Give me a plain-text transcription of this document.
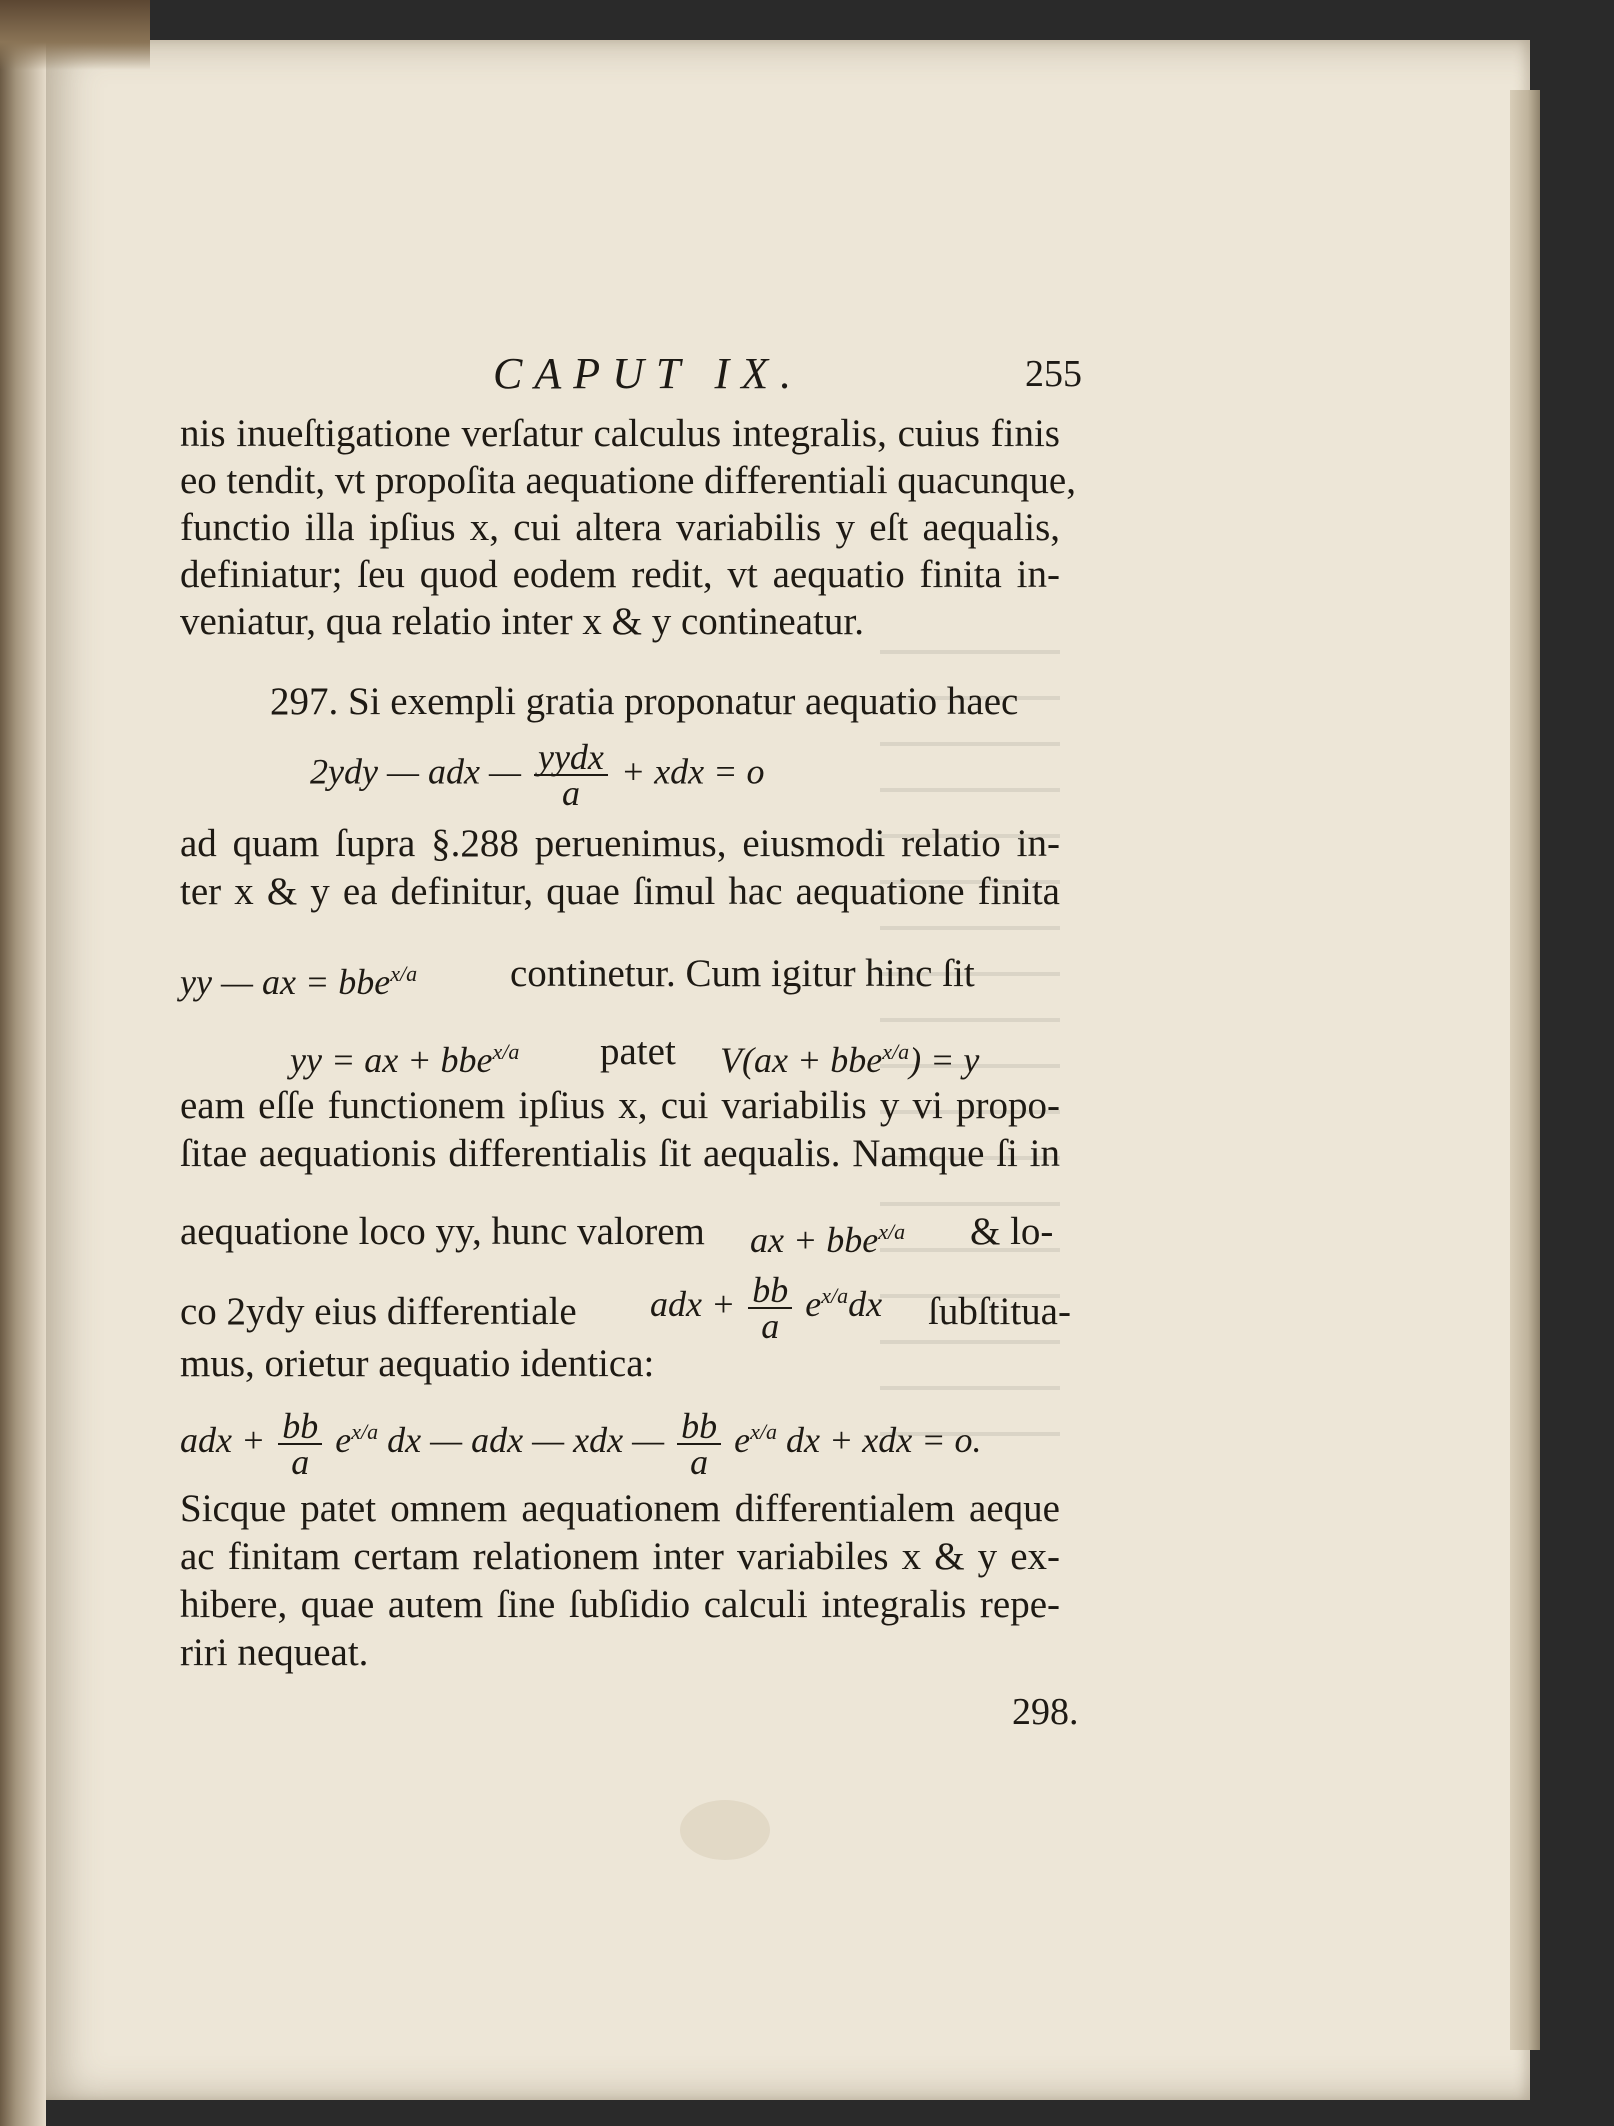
CAPUT IX.	255
nis inueſtigatione verſatur calculus integralis, cuius finis
eo tendit, vt propoſita aequatione differentiali quacunque,
functio illa ipſius x, cui altera variabilis y eſt aequalis,
definiatur; ſeu quod eodem redit, vt aequatio finita in-
veniatur, qua relatio inter x & y contineatur.
297. Si exempli gratia proponatur aequatio haec
2ydy — adx — $\frac{\text{yydx}}{a}$ + xdx = o
ad quam ſupra §.288 peruenimus, eiusmodi relatio in-
ter x & y ea definitur, quae ſimul hac aequatione finita
yy — ax = bbe$^{x/a}$ continetur. Cum igitur hinc ſit
yy = ax + bbe$^{x/a}$ patet V(ax + bbe$^{x/a}$) = y
eam eſſe functionem ipſius x, cui variabilis y vi propo-
ſitae aequationis differentialis ſit aequalis. Namque ſi in
aequatione loco yy, hunc valorem ax + bbe$^{x/a}$ & lo-
co 2ydy eius differentiale adx + $\frac{bb}{a} e^{x/a}dx$ ſubſtitua-
mus, orietur aequatio identica:
adx + $\frac{bb}{a} e^{x/a}$ dx — adx — xdx — $\frac{bb}{a} e^{x/a}$ dx + xdx = o.
Sicque patet omnem aequationem differentialem aeque
ac finitam certam relationem inter variabiles x & y ex-
hibere, quae autem ſine ſubſidio calculi integralis repe-
riri nequeat.
298.
